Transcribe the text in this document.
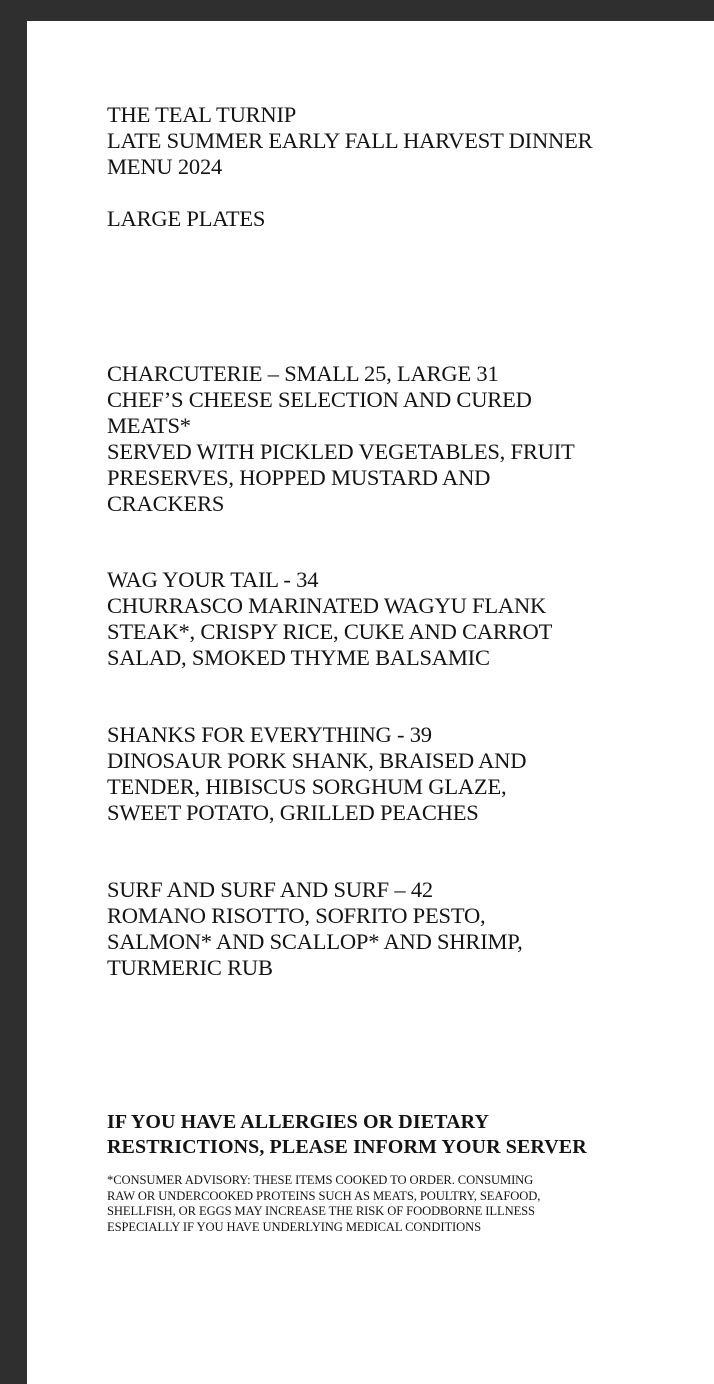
THE TEAL TURNIP
LATE SUMMER EARLY FALL HARVEST DINNER
MENU 2024
LARGE PLATES
CHARCUTERIE – SMALL 25, LARGE 31
CHEF’S CHEESE SELECTION AND CURED
MEATS*
SERVED WITH PICKLED VEGETABLES, FRUIT
PRESERVES, HOPPED MUSTARD AND
CRACKERS
WAG YOUR TAIL - 34
CHURRASCO MARINATED WAGYU FLANK
STEAK*, CRISPY RICE, CUKE AND CARROT
SALAD, SMOKED THYME BALSAMIC
SHANKS FOR EVERYTHING - 39
DINOSAUR PORK SHANK, BRAISED AND
TENDER, HIBISCUS SORGHUM GLAZE,
SWEET POTATO, GRILLED PEACHES
SURF AND SURF AND SURF – 42
ROMANO RISOTTO, SOFRITO PESTO,
SALMON* AND SCALLOP* AND SHRIMP,
TURMERIC RUB
IF YOU HAVE ALLERGIES OR DIETARY
RESTRICTIONS, PLEASE INFORM YOUR SERVER
*CONSUMER ADVISORY: THESE ITEMS COOKED TO ORDER. CONSUMING
RAW OR UNDERCOOKED PROTEINS SUCH AS MEATS, POULTRY, SEAFOOD,
SHELLFISH, OR EGGS MAY INCREASE THE RISK OF FOODBORNE ILLNESS
ESPECIALLY IF YOU HAVE UNDERLYING MEDICAL CONDITIONS
